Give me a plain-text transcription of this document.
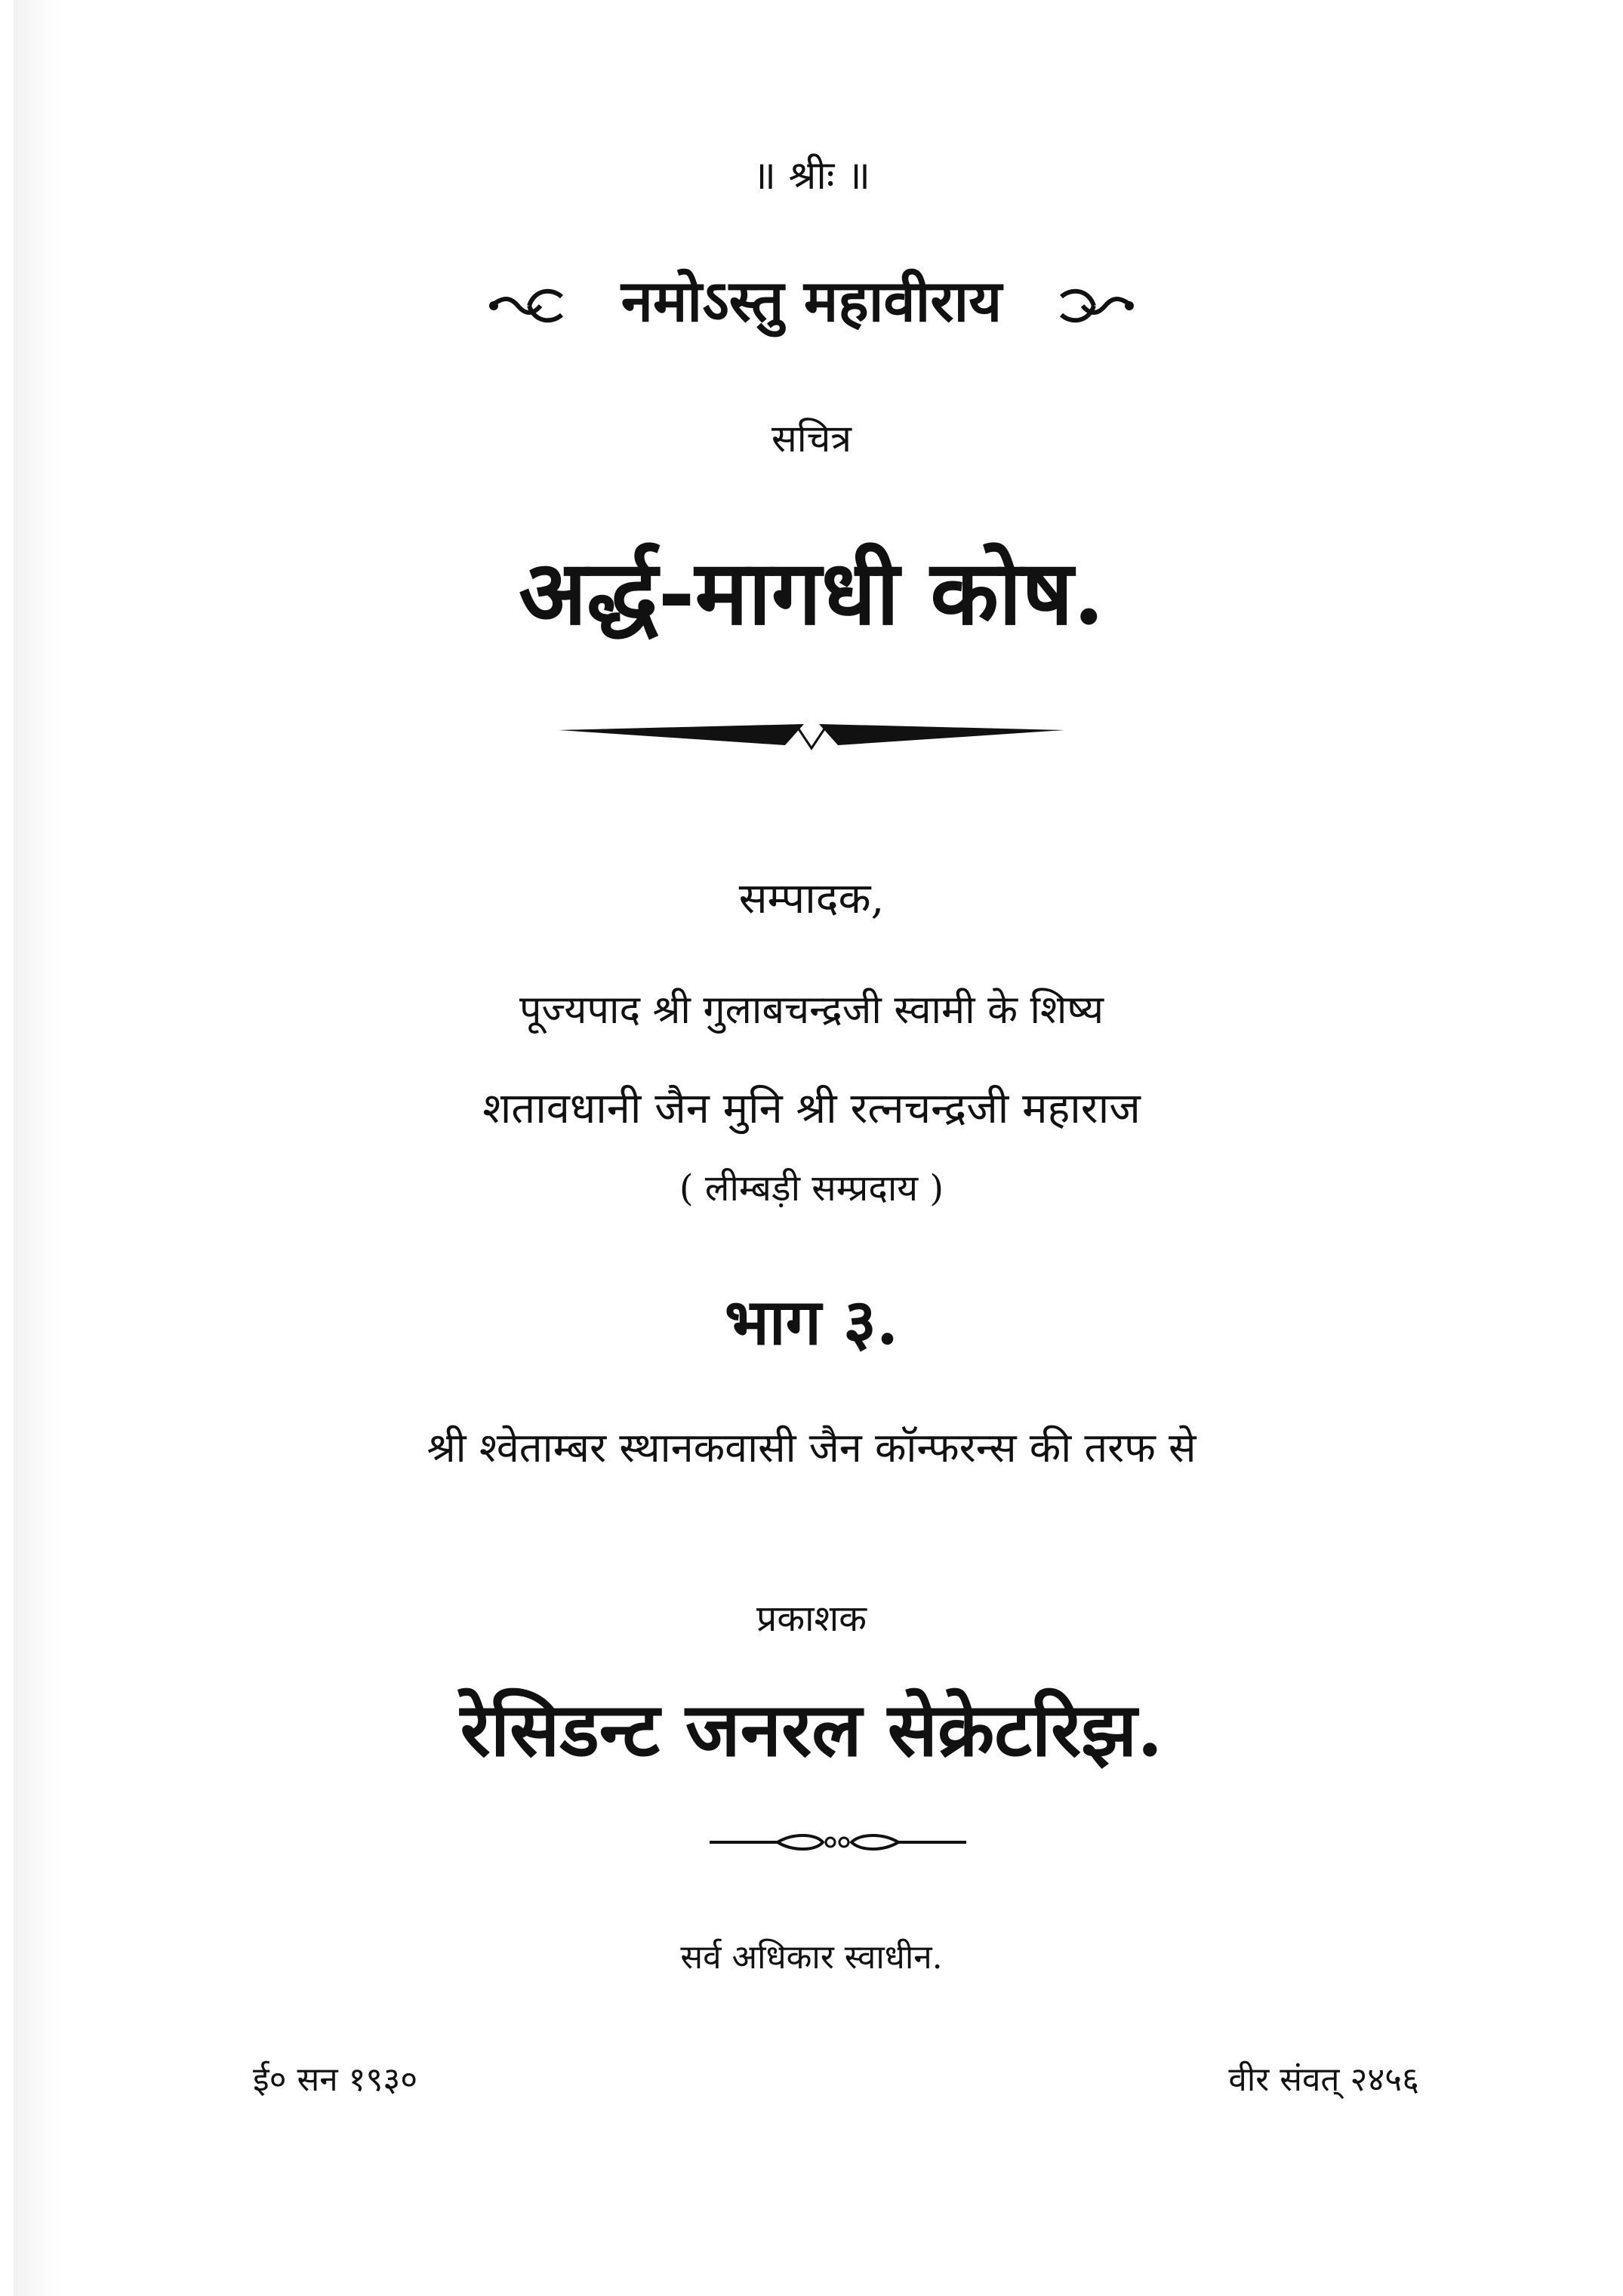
॥ श्रीः ॥
नमोऽस्तु महावीराय
सचित्र
अर्द्ध-मागधी कोष.
सम्पादक,
पूज्यपाद श्री गुलाबचन्द्रजी स्वामी के शिष्य
शतावधानी जैन मुनि श्री रत्नचन्द्रजी महाराज
( लीम्बड़ी सम्प्रदाय )
भाग ३.
श्री श्वेताम्बर स्थानकवासी जैन कॉन्फरन्स की तरफ से
प्रकाशक
रेसिडन्ट जनरल सेक्रेटरिझ.
सर्व अधिकार स्वाधीन.
ई० सन १९३०	वीर संवत् २४५६
